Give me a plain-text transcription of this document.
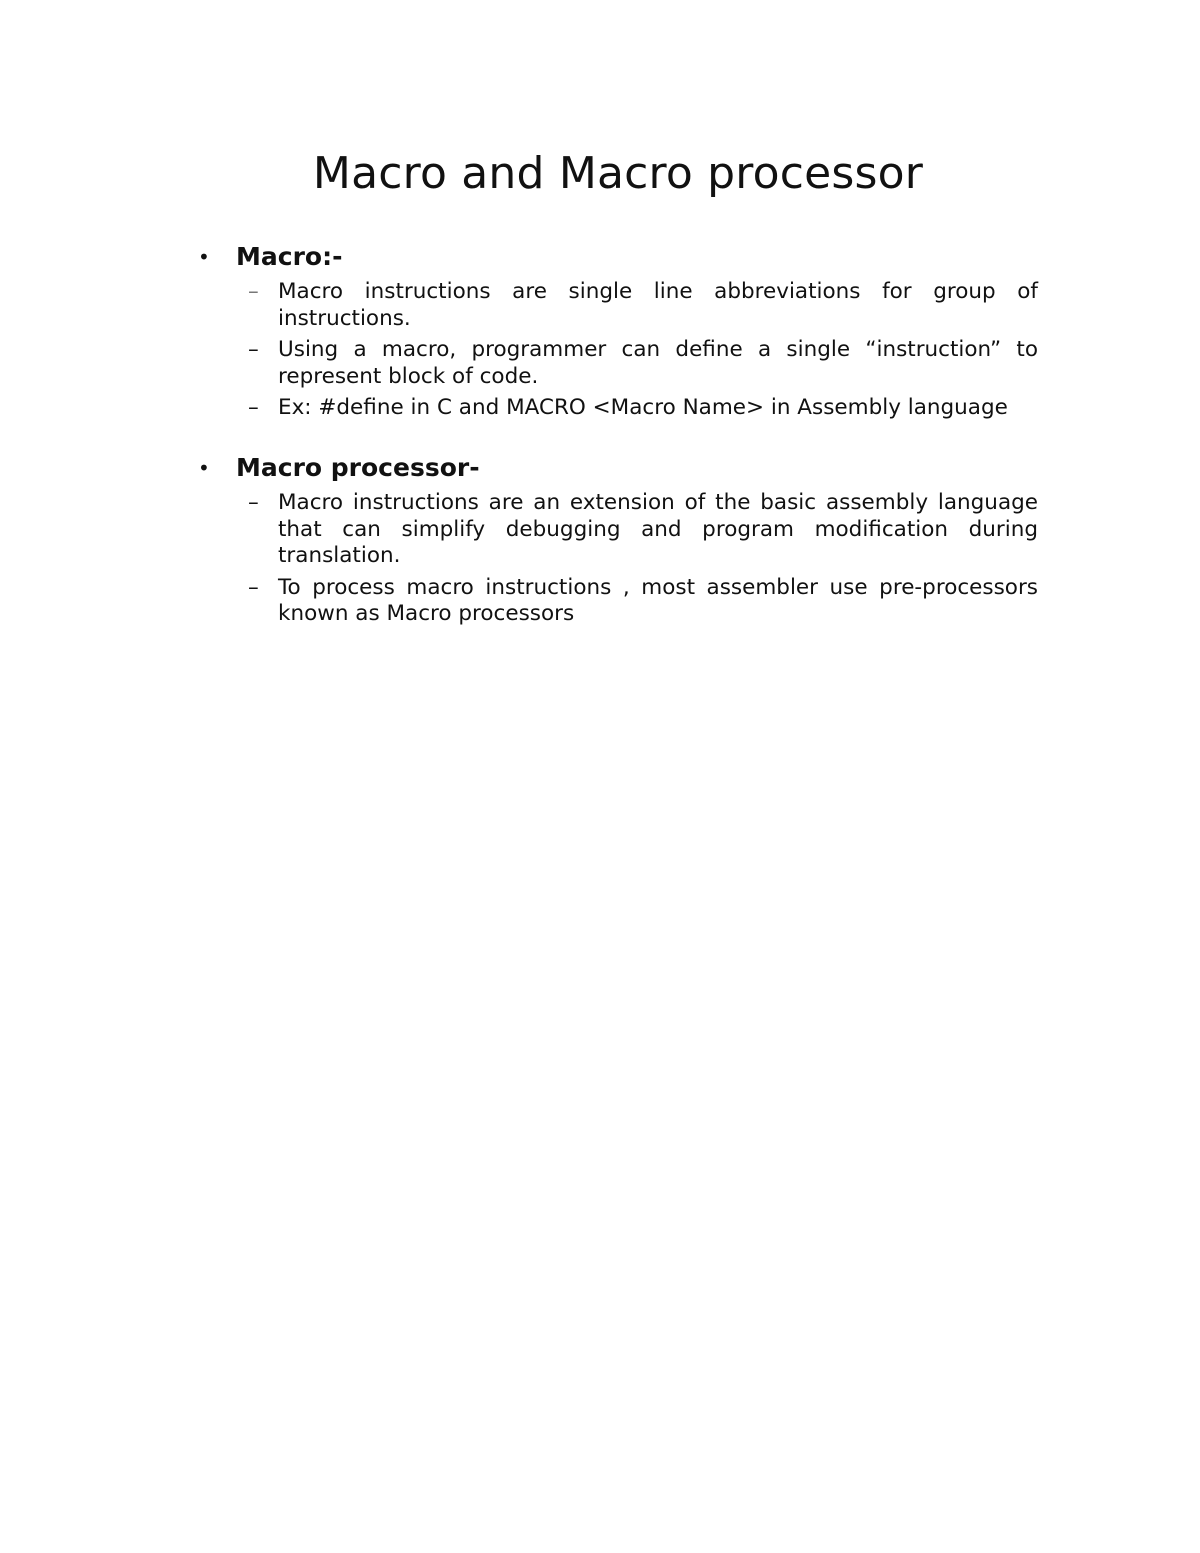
Macro and Macro processor
•	Macro:-
– Macro instructions are single line abbreviations for group of instructions.
– Using a macro, programmer can define a single “instruction” to represent block of code.
– Ex: #define in C and MACRO <Macro Name> in Assembly language
•	Macro processor-
– Macro instructions are an extension of the basic assembly language that can simplify debugging and program modification during translation.
– To process macro instructions , most assembler use pre-processors known as Macro processors
